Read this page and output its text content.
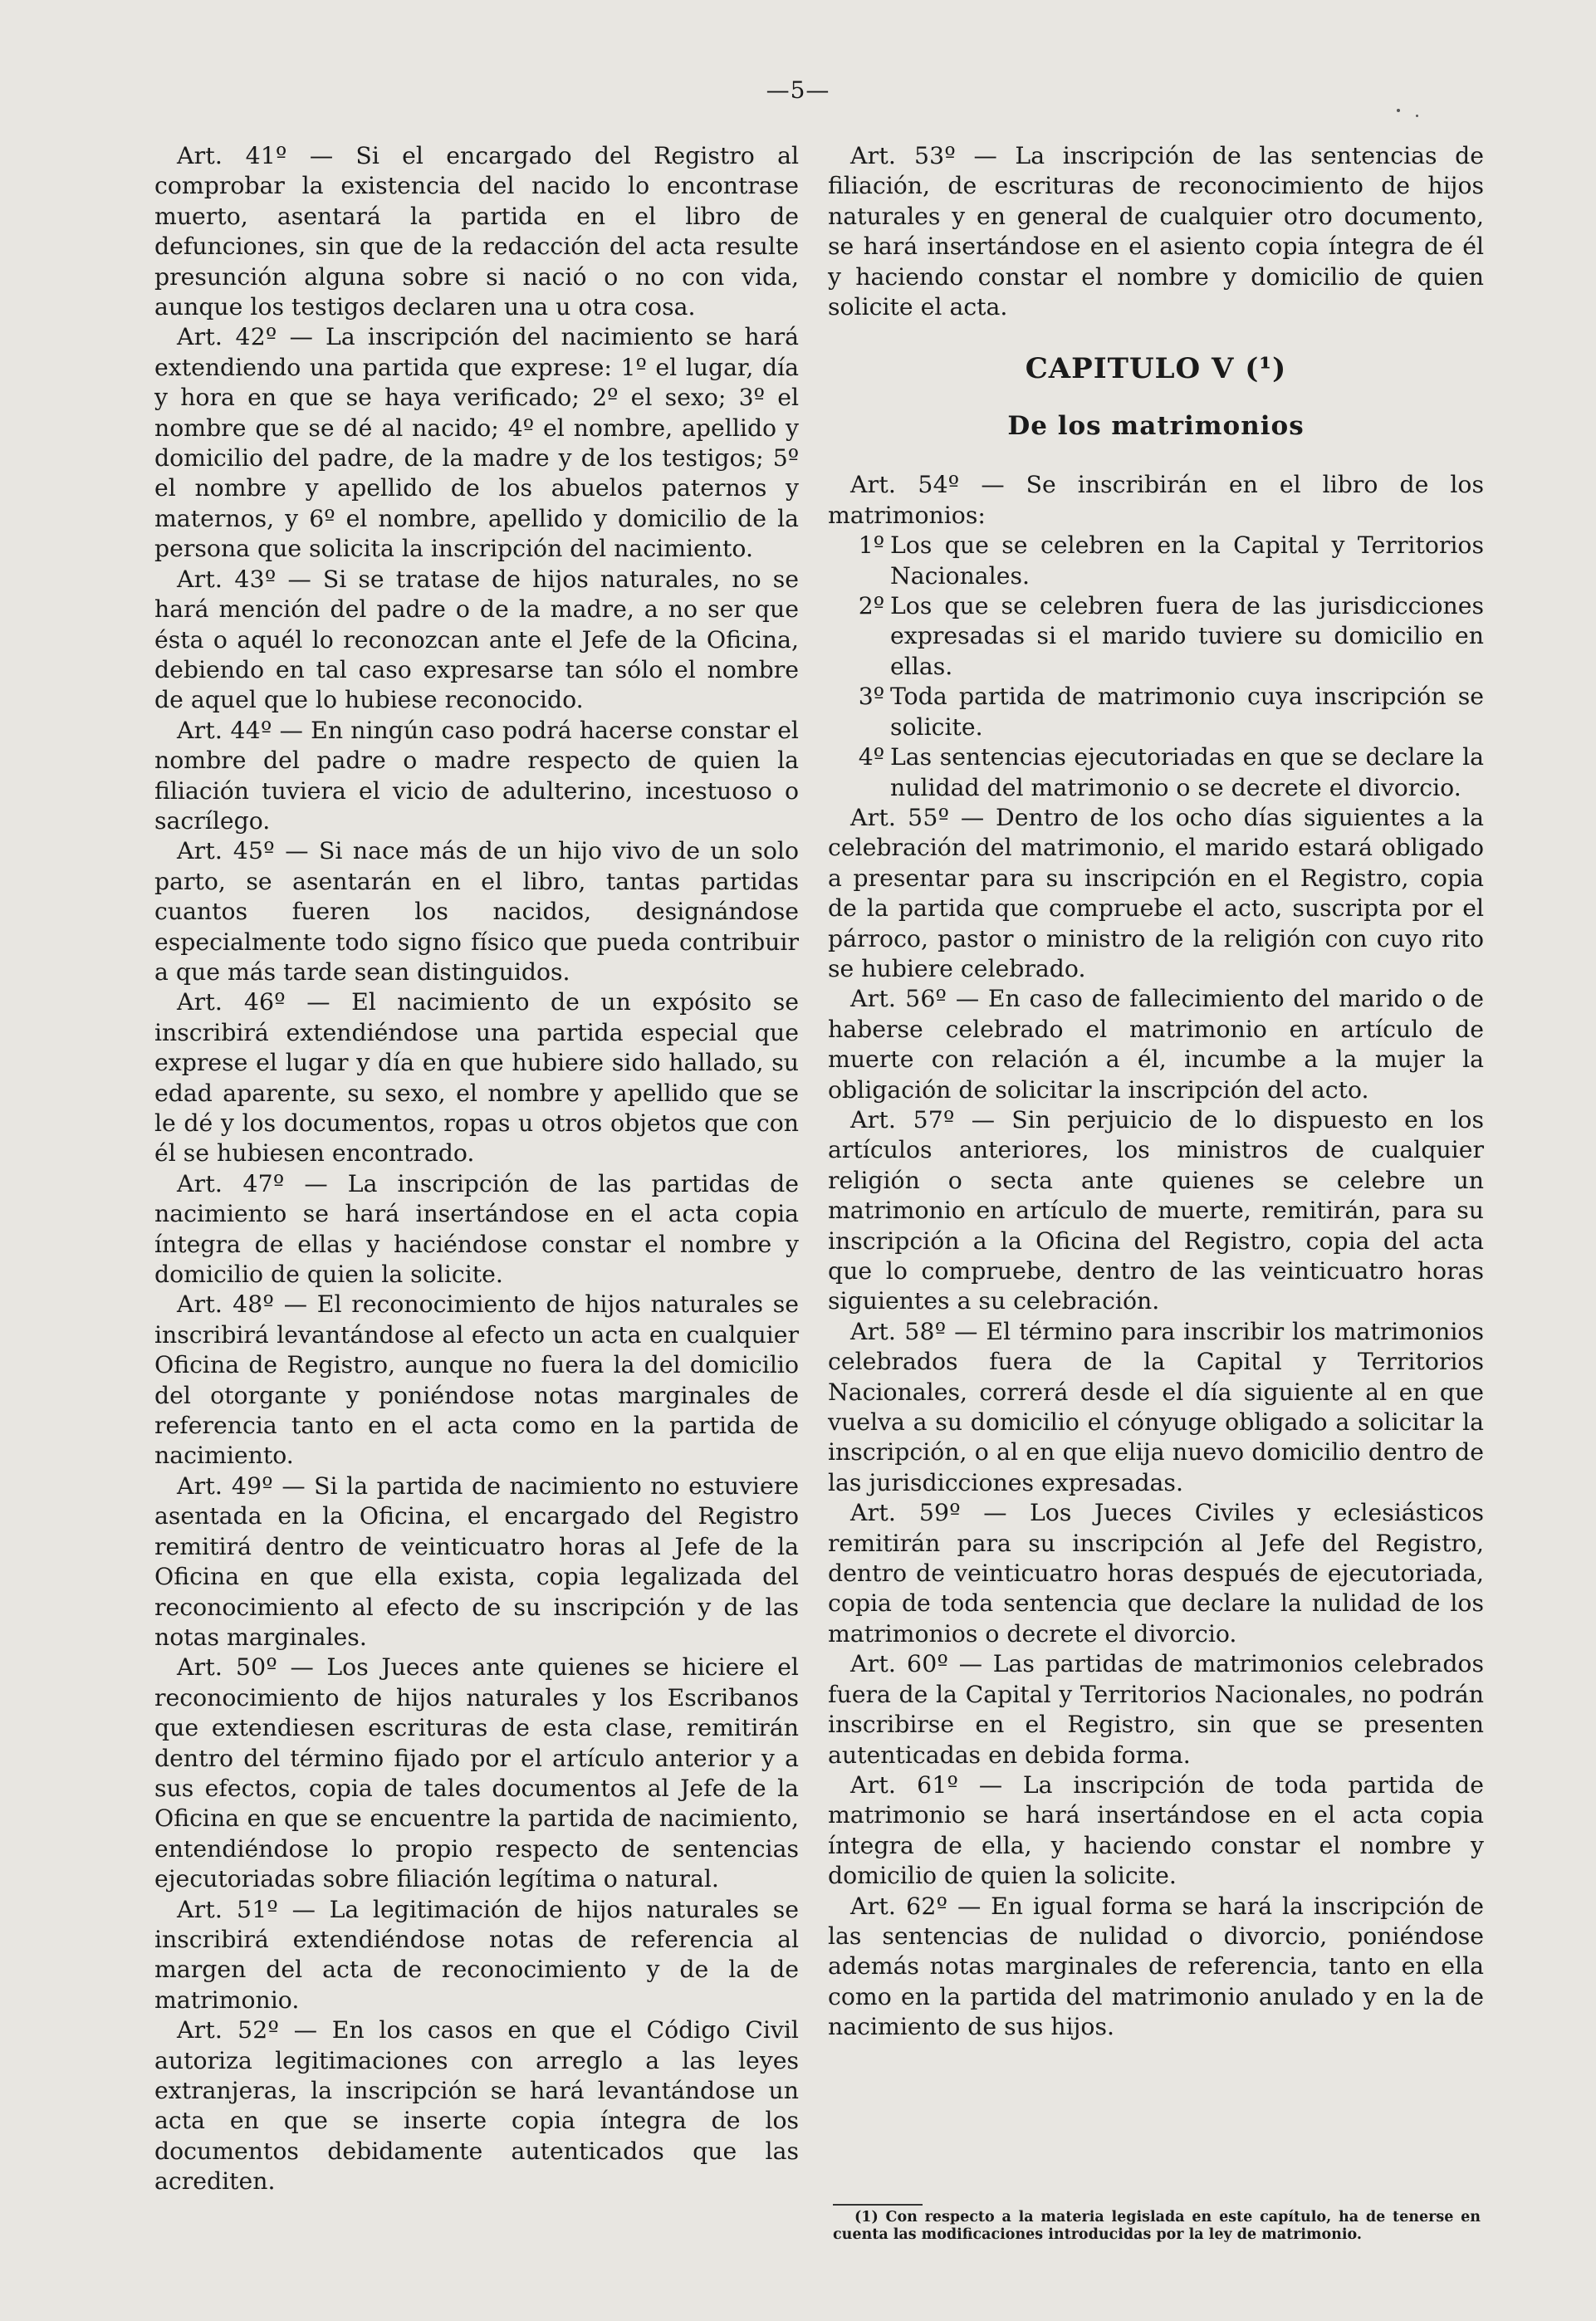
—5—

Art. 41º — Si el encargado del Registro al comprobar la existencia del nacido lo encontrase muerto, asentará la partida en el libro de defunciones, sin que de la redacción del acta resulte presunción alguna sobre si nació o no con vida, aunque los testigos declaren una u otra cosa.

Art. 42º — La inscripción del nacimiento se hará extendiendo una partida que exprese: 1º el lugar, día y hora en que se haya verificado; 2º el sexo; 3º el nombre que se dé al nacido; 4º el nombre, apellido y domicilio del padre, de la madre y de los testigos; 5º el nombre y apellido de los abuelos paternos y maternos, y 6º el nombre, apellido y domicilio de la persona que solicita la inscripción del nacimiento.

Art. 43º — Si se tratase de hijos naturales, no se hará mención del padre o de la madre, a no ser que ésta o aquél lo reconozcan ante el Jefe de la Oficina, debiendo en tal caso expresarse tan sólo el nombre de aquel que lo hubiese reconocido.

Art. 44º — En ningún caso podrá hacerse constar el nombre del padre o madre respecto de quien la filiación tuviera el vicio de adulterino, incestuoso o sacrílego.

Art. 45º — Si nace más de un hijo vivo de un solo parto, se asentarán en el libro, tantas partidas cuantos fueren los nacidos, designándose especialmente todo signo físico que pueda contribuir a que más tarde sean distinguidos.

Art. 46º — El nacimiento de un expósito se inscribirá extendiéndose una partida especial que exprese el lugar y día en que hubiere sido hallado, su edad aparente, su sexo, el nombre y apellido que se le dé y los documentos, ropas u otros objetos que con él se hubiesen encontrado.

Art. 47º — La inscripción de las partidas de nacimiento se hará insertándose en el acta copia íntegra de ellas y haciéndose constar el nombre y domicilio de quien la solicite.

Art. 48º — El reconocimiento de hijos naturales se inscribirá levantándose al efecto un acta en cualquier Oficina de Registro, aunque no fuera la del domicilio del otorgante y poniéndose notas marginales de referencia tanto en el acta como en la partida de nacimiento.

Art. 49º — Si la partida de nacimiento no estuviere asentada en la Oficina, el encargado del Registro remitirá dentro de veinticuatro horas al Jefe de la Oficina en que ella exista, copia legalizada del reconocimiento al efecto de su inscripción y de las notas marginales.

Art. 50º — Los Jueces ante quienes se hiciere el reconocimiento de hijos naturales y los Escribanos que extendiesen escrituras de esta clase, remitirán dentro del término fijado por el artículo anterior y a sus efectos, copia de tales documentos al Jefe de la Oficina en que se encuentre la partida de nacimiento, entendiéndose lo propio respecto de sentencias ejecutoriadas sobre filiación legítima o natural.

Art. 51º — La legitimación de hijos naturales se inscribirá extendiéndose notas de referencia al margen del acta de reconocimiento y de la de matrimonio.

Art. 52º — En los casos en que el Código Civil autoriza legitimaciones con arreglo a las leyes extranjeras, la inscripción se hará levantándose un acta en que se inserte copia íntegra de los documentos debidamente autenticados que las acrediten.

Art. 53º — La inscripción de las sentencias de filiación, de escrituras de reconocimiento de hijos naturales y en general de cualquier otro documento, se hará insertándose en el asiento copia íntegra de él y haciendo constar el nombre y domicilio de quien solicite el acta.

CAPITULO V (¹)
De los matrimonios

Art. 54º — Se inscribirán en el libro de los matrimonios:

1º Los que se celebren en la Capital y Territorios Nacionales.
2º Los que se celebren fuera de las jurisdicciones expresadas si el marido tuviere su domicilio en ellas.
3º Toda partida de matrimonio cuya inscripción se solicite.
4º Las sentencias ejecutoriadas en que se declare la nulidad del matrimonio o se decrete el divorcio.

Art. 55º — Dentro de los ocho días siguientes a la celebración del matrimonio, el marido estará obligado a presentar para su inscripción en el Registro, copia de la partida que compruebe el acto, suscripta por el párroco, pastor o ministro de la religión con cuyo rito se hubiere celebrado.

Art. 56º — En caso de fallecimiento del marido o de haberse celebrado el matrimonio en artículo de muerte con relación a él, incumbe a la mujer la obligación de solicitar la inscripción del acto.

Art. 57º — Sin perjuicio de lo dispuesto en los artículos anteriores, los ministros de cualquier religión o secta ante quienes se celebre un matrimonio en artículo de muerte, remitirán, para su inscripción a la Oficina del Registro, copia del acta que lo compruebe, dentro de las veinticuatro horas siguientes a su celebración.

Art. 58º — El término para inscribir los matrimonios celebrados fuera de la Capital y Territorios Nacionales, correrá desde el día siguiente al en que vuelva a su domicilio el cónyuge obligado a solicitar la inscripción, o al en que elija nuevo domicilio dentro de las jurisdicciones expresadas.

Art. 59º — Los Jueces Civiles y eclesiásticos remitirán para su inscripción al Jefe del Registro, dentro de veinticuatro horas después de ejecutoriada, copia de toda sentencia que declare la nulidad de los matrimonios o decrete el divorcio.

Art. 60º — Las partidas de matrimonios celebrados fuera de la Capital y Territorios Nacionales, no podrán inscribirse en el Registro, sin que se presenten autenticadas en debida forma.

Art. 61º — La inscripción de toda partida de matrimonio se hará insertándose en el acta copia íntegra de ella, y haciendo constar el nombre y domicilio de quien la solicite.

Art. 62º — En igual forma se hará la inscripción de las sentencias de nulidad o divorcio, poniéndose además notas marginales de referencia, tanto en ella como en la partida del matrimonio anulado y en la de nacimiento de sus hijos.

(1) Con respecto a la materia legislada en este capítulo, ha de tenerse en cuenta las modificaciones introducidas por la ley de matrimonio.
